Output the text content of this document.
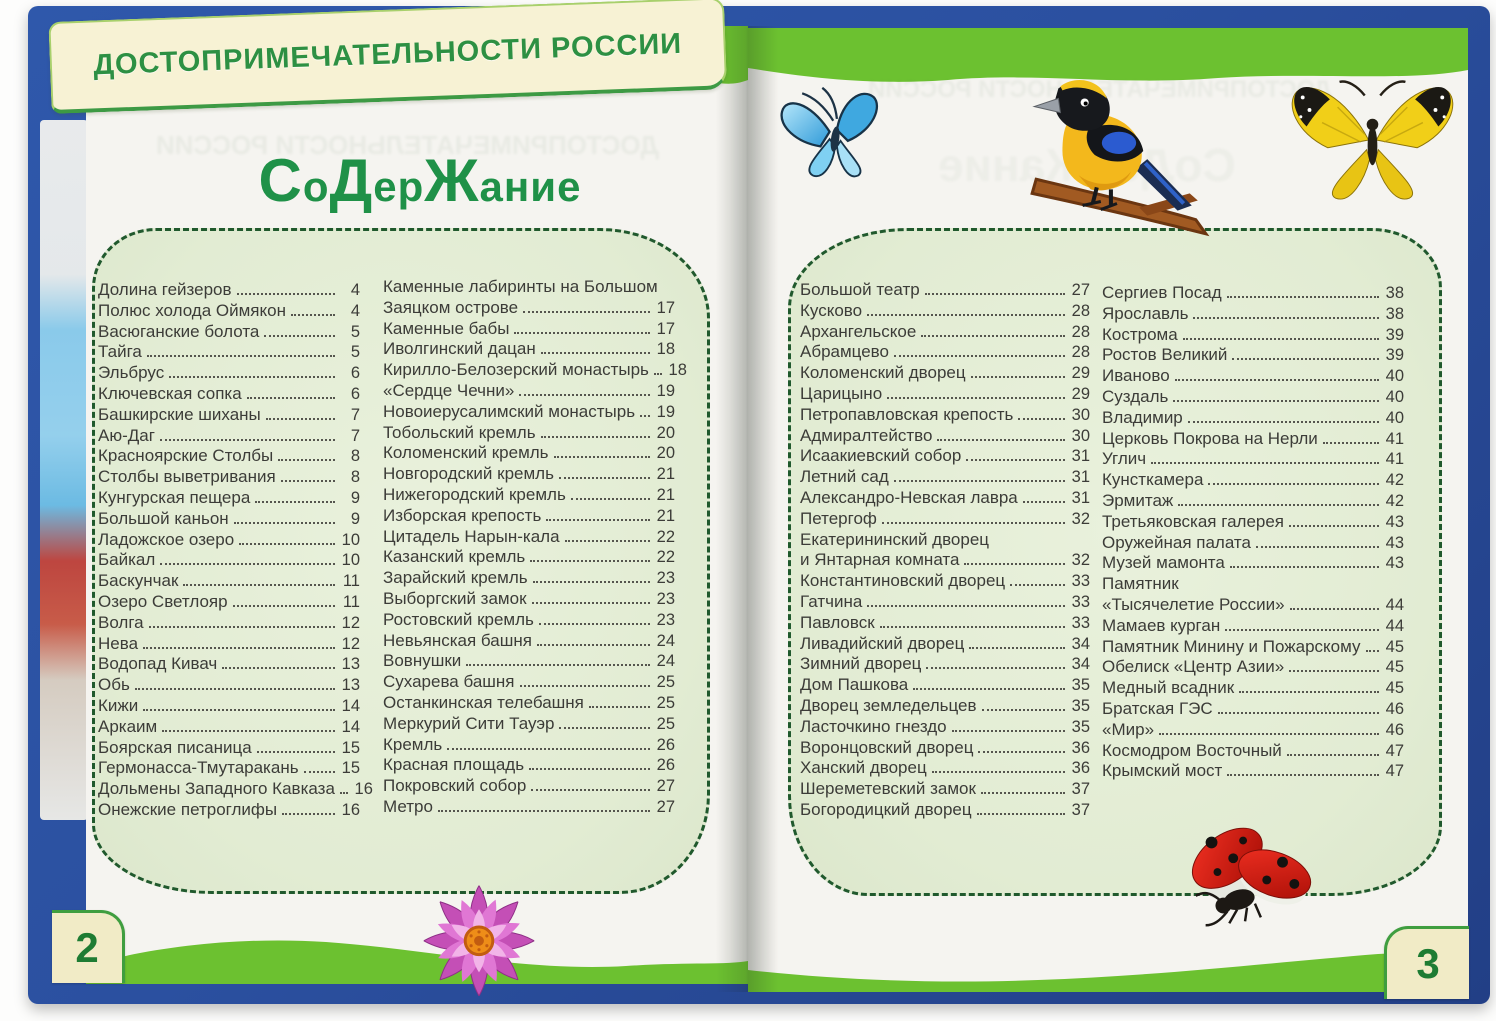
ДОСТОПРИМЕЧАТЕЛЬНОСТИ РОССИИ
Долина гейзеров	4
Полюс холода Оймякон	4
Васюганские болота	5
Тайга	5
Эльбрус	6
Ключевская сопка	6
Башкирские шиханы	7
Аю-Даг	7
Красноярские Столбы	8
Столбы выветривания	8
Кунгурская пещера	9
Большой каньон	9
Ладожское озеро	10
Байкал	10
Баскунчак	11
Озеро Светлояр	11
Волга	12
Нева	12
Водопад Кивач	13
Обь	13
Кижи	14
Аркаим	14
Боярская писаница	15
Гермонасса-Тмутаракань	15
Дольмены Западного Кавказа 16
Онежские петроглифы	16
Каменные лабиринты на Большом
Заяцком острове	17
Каменные бабы	17
Иволгинский дацан	18
Кирилло-Белозерский монастырь 18
«Сердце Чечни»	19
Новоиерусалимский монастырь 19
Тобольский кремль	20
Коломенский кремль	20
Новгородский кремль	21
Нижегородский кремль	21
Изборская крепость	21
Цитадель Нарын-кала	22
Казанский кремль	22
Зарайский кремль	23
Выборгский замок	23
Ростовский кремль	23
Невьянская башня	24
Вовнушки	24
Сухарева башня	25
Останкинская телебашня	25
Меркурий Сити Тауэр	25
Кремль	26
Красная площадь	26
Покровский собор	27
Метро	27
ДОСТОПРИМЕЧАТЕЛЬНОСТИ РОССИИ
СоДерЖание
Большой театр	27
Кусково	28
Архангельское	28
Абрамцево	28
Коломенский дворец	29
Царицыно	29
Петропавловская крепость	30
Адмиралтейство	30
Исаакиевский собор	31
Летний сад	31
Александро-Невская лавра	31
Петергоф	32
Екатерининский дворец
и Янтарная комната	32
Константиновский дворец	33
Гатчина	33
Павловск	33
Ливадийский дворец	34
Зимний дворец	34
Дом Пашкова	35
Дворец земледельцев	35
Ласточкино гнездо	35
Воронцовский дворец	36
Ханский дворец	36
Шереметевский замок	37
Богородицкий дворец	37
Сергиев Посад	38
Ярославль	38
Кострома	39
Ростов Великий	39
Иваново	40
Суздаль	40
Владимир	40
Церковь Покрова на Нерли	41
Углич	41
Кунсткамера	42
Эрмитаж	42
Третьяковская галерея	43
Оружейная палата	43
Музей мамонта	43
Памятник
«Тысячелетие России»	44
Мамаев курган	44
Памятник Минину и Пожарскому 45
Обелиск «Центр Азии»	45
Медный всадник	45
Братская ГЭС	46
«Мир»	46
Космодром Восточный	47
Крымский мост	47
ДОСТОПРИМЕЧАТЕЛЬНОСТИ РОССИИ
СоДерЖание
2	3
